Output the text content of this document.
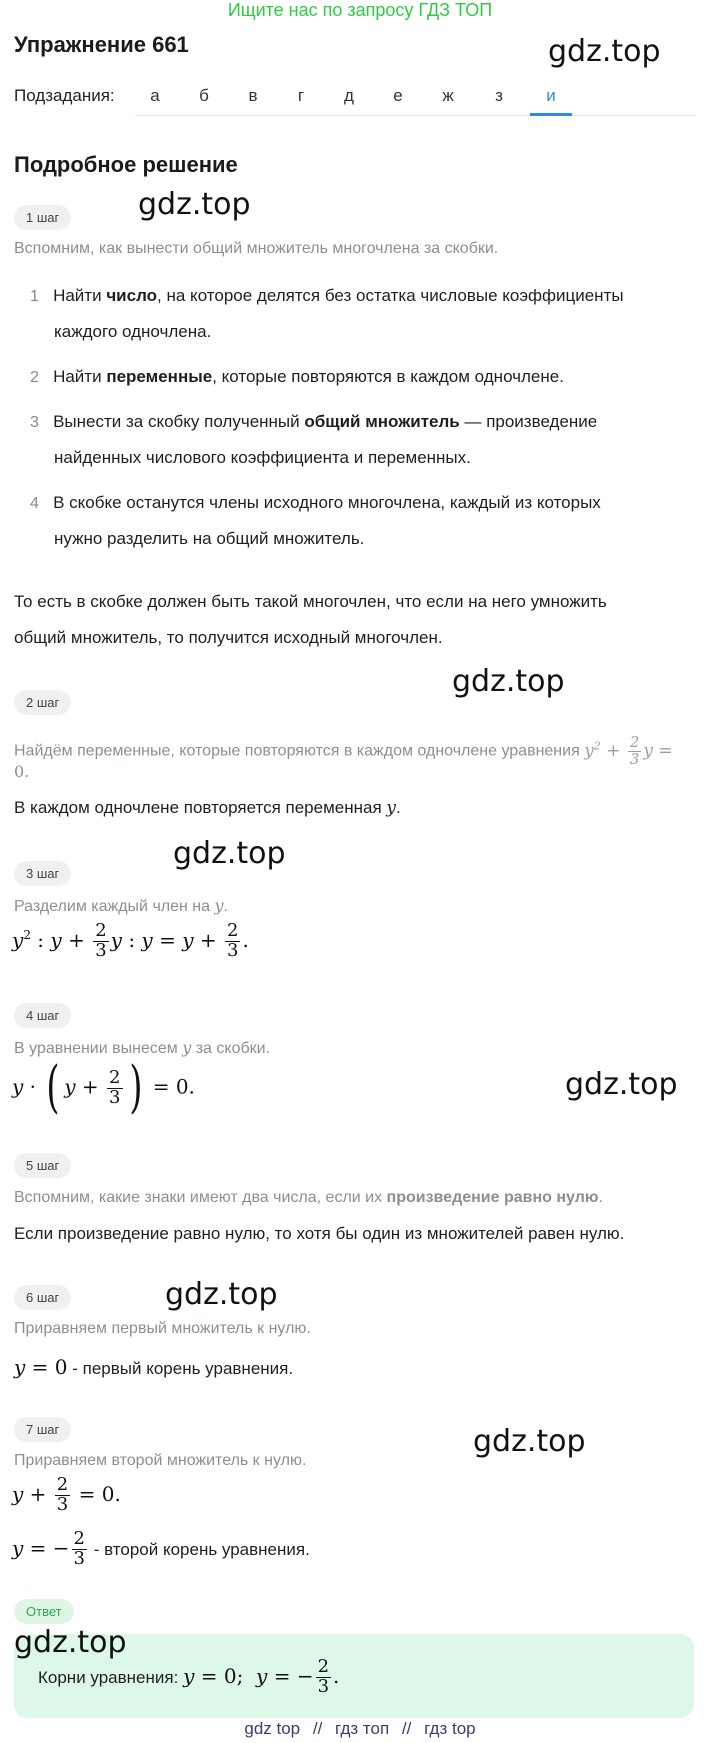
Ищите нас по запросу ГДЗ ТОП
Упражнение 661	gdz.top
Подзадания:	а	б	в	г	д	е	ж	з	и
Подробное решение
1 шаг	gdz.top
Вспомним, как вынести общий множитель многочлена за скобки.
1 Найти число, на которое делятся без остатка числовые коэффициенты
каждого одночлена.
2 Найти переменные, которые повторяются в каждом одночлене.
3 Вынести за скобку полученный общий множитель — произведение
найденных числового коэффициента и переменных.
4 В скобке останутся члены исходного многочлена, каждый из которых
нужно разделить на общий множитель.
То есть в скобке должен быть такой многочлен, что если на него умножить
общий множитель, то получится исходный многочлен.
2 шаг
gdz.top
Найдём переменные, которые повторяются в каждом одночлене уравнения $y^2 + \frac{2}{3}$ y =
0.
В каждом одночлене повторяется переменная y.
3 шаг
gdz.top
Разделим каждый член на y.
$y^2$ : $y + \frac{2}{3}$ y : $y = y + \frac{2}{3}$ .
4 шаг
В уравнении вынесем y за скобки.
y · ( $y + \frac{2}{3}$ ) = 0.	gdz.top
5 шаг
Вспомним, какие знаки имеют два числа, если их произведение равно нулю.
Если произведение равно нулю, то хотя бы один из множителей равен нулю.
6 шаг	gdz.top
Приравняем первый множитель к нулю.
y = 0 - первый корень уравнения.
7 шаг	gdz.top
Приравняем второй множитель к нулю.
$y + \frac{2}{3} = 0$.
y = − $\frac{2}{3}$ - второй корень уравнения.
Ответ
gdz.top
Корни уравнения: y = 0;  y = − $\frac{2}{3}$ .
gdz top // гдз топ // гдз top
